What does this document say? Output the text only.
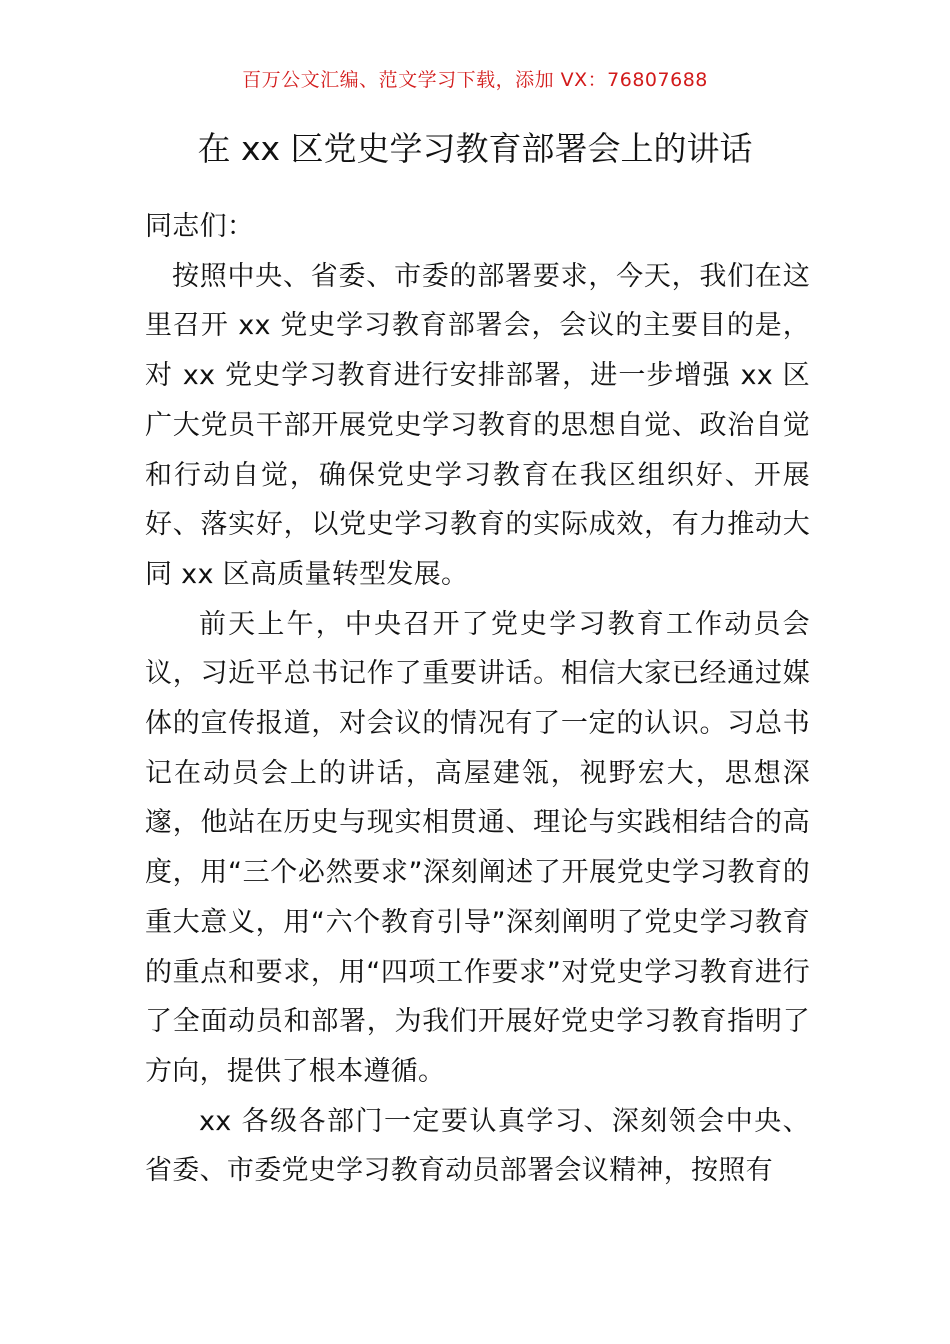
百万公文汇编、范文学习下载，添加 VX：76807688
在 xx 区党史学习教育部署会上的讲话

同志们：

按照中央、省委、市委的部署要求，今天，我们在这里召开 xx 党史学习教育部署会，会议的主要目的是，对 xx 党史学习教育进行安排部署，进一步增强 xx 区广大党员干部开展党史学习教育的思想自觉、政治自觉和行动自觉，确保党史学习教育在我区组织好、开展好、落实好，以党史学习教育的实际成效，有力推动大同 xx 区高质量转型发展。

前天上午，中央召开了党史学习教育工作动员会议，习近平总书记作了重要讲话。相信大家已经通过媒体的宣传报道，对会议的情况有了一定的认识。习总书记在动员会上的讲话，高屋建瓴，视野宏大，思想深邃，他站在历史与现实相贯通、理论与实践相结合的高度，用“三个必然要求”深刻阐述了开展党史学习教育的重大意义，用“六个教育引导”深刻阐明了党史学习教育的重点和要求，用“四项工作要求”对党史学习教育进行了全面动员和部署，为我们开展好党史学习教育指明了方向，提供了根本遵循。

xx 各级各部门一定要认真学习、深刻领会中央、省委、市委党史学习教育动员部署会议精神，按照有
